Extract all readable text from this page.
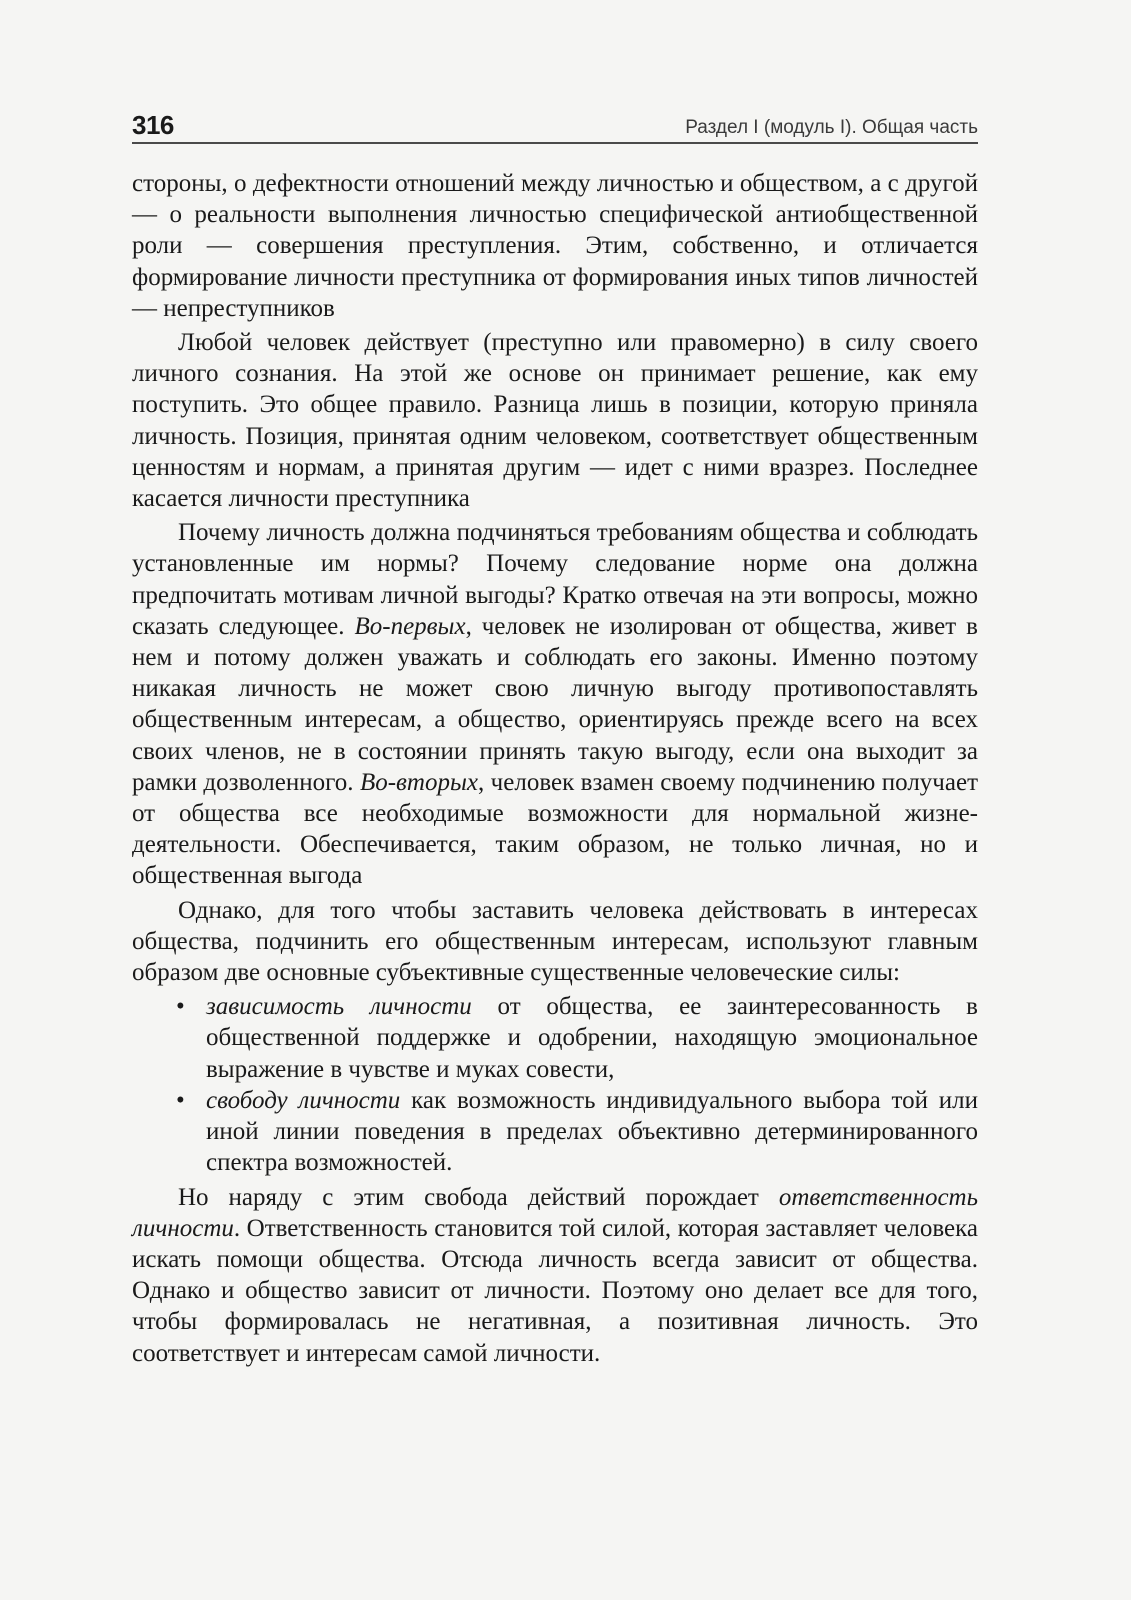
316	Раздел I (модуль I). Общая часть

стороны, о дефектности отношений между личностью и обществом, а с другой — о реальности выполнения личностью специфической антиобщественной роли — совершения преступления. Этим, собственно, и отличается формирование личности преступника от формирования иных типов личностей — непреступников

Любой человек действует (преступно или правомерно) в силу своего личного сознания. На этой же основе он принимает решение, как ему поступить. Это общее правило. Разница лишь в позиции, которую приняла личность. Позиция, принятая одним человеком, соответствует общественным ценностям и нормам, а принятая другим — идет с ними вразрез. Последнее касается личности преступника

Почему личность должна подчиняться требованиям общества и соблюдать установленные им нормы? Почему следование норме она должна предпочитать мотивам личной выгоды? Кратко отвечая на эти вопросы, можно сказать следующее. Во-первых, человек не изолирован от общества, живет в нем и потому должен уважать и соблюдать его законы. Именно поэтому никакая личность не может свою личную выгоду противопоставлять общественным интересам, а общество, ориентируясь прежде всего на всех своих членов, не в состоянии принять такую выгоду, если она выходит за рамки дозволенного. Во-вторых, человек взамен своему подчинению получает от общества все необходимые возможности для нормальной жизнедеятельности. Обеспечивается, таким образом, не только личная, но и общественная выгода

Однако, для того чтобы заставить человека действовать в интересах общества, подчинить его общественным интересам, используют главным образом две основные субъективные существенные человеческие силы:

• зависимость личности от общества, ее заинтересованность в общественной поддержке и одобрении, находящую эмоциональное выражение в чувстве и муках совести,
• свободу личности как возможность индивидуального выбора той или иной линии поведения в пределах объективно детерминированного спектра возможностей.

Но наряду с этим свобода действий порождает ответственность личности. Ответственность становится той силой, которая заставляет человека искать помощи общества. Отсюда личность всегда зависит от общества. Однако и общество зависит от личности. Поэтому оно делает все для того, чтобы формировалась не негативная, а позитивная личность. Это соответствует и интересам самой личности.
